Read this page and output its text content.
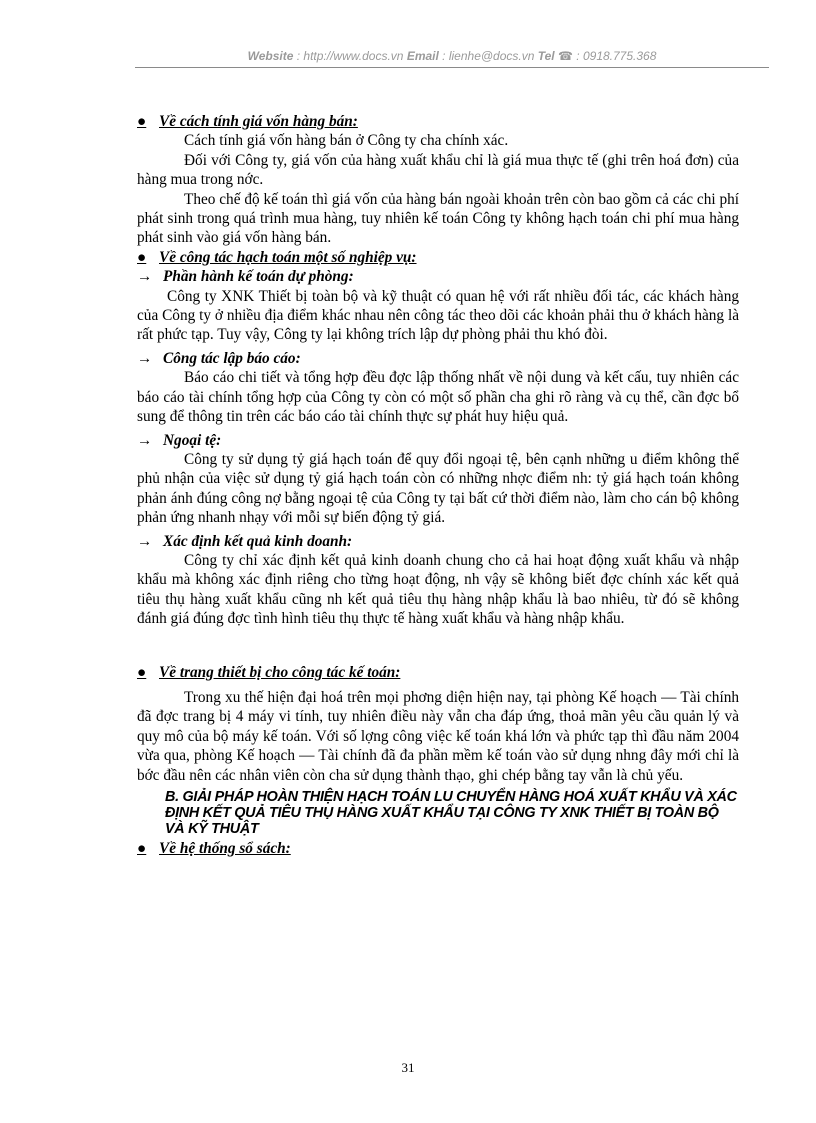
Website : http://www.docs.vn Email : lienhe@docs.vn Tel ☎ : 0918.775.368

● Về cách tính giá vốn hàng bán:

Cách tính giá vốn hàng bán ở Công ty cha chính xác.

Đối với Công ty, giá vốn của hàng xuất khẩu chỉ là giá mua thực tế (ghi trên hoá đơn) của hàng mua trong nớc.

Theo chế độ kế toán thì giá vốn của hàng bán ngoài khoản trên còn bao gồm cả các chi phí phát sinh trong quá trình mua hàng, tuy nhiên kế toán Công ty không hạch toán chi phí mua hàng phát sinh vào giá vốn hàng bán.

● Về công tác hạch toán một số nghiệp vụ:

→ Phần hành kế toán dự phòng:

Công ty XNK Thiết bị toàn bộ và kỹ thuật có quan hệ với rất nhiều đối tác, các khách hàng của Công ty ở nhiều địa điểm khác nhau nên công tác theo dõi các khoản phải thu ở khách hàng là rất phức tạp. Tuy vậy, Công ty lại không trích lập dự phòng phải thu khó đòi.

→ Công tác lập báo cáo:

Báo cáo chi tiết và tổng hợp đều đợc lập thống nhất về nội dung và kết cấu, tuy nhiên các báo cáo tài chính tổng hợp của Công ty còn có một số phần cha ghi rõ ràng và cụ thể, cần đợc bổ sung để thông tin trên các báo cáo tài chính thực sự phát huy hiệu quả.

→ Ngoại tệ:

Công ty sử dụng tỷ giá hạch toán để quy đổi ngoại tệ, bên cạnh những u điểm không thể phủ nhận của việc sử dụng tỷ giá hạch toán còn có những nhợc điểm nh: tỷ giá hạch toán không phản ánh đúng công nợ bằng ngoại tệ của Công ty tại bất cứ thời điểm nào, làm cho cán bộ không phản ứng nhanh nhạy với mỗi sự biến động tỷ giá.

→ Xác định kết quả kinh doanh:

Công ty chỉ xác định kết quả kinh doanh chung cho cả hai hoạt động xuất khẩu và nhập khẩu mà không xác định riêng cho từng hoạt động, nh vậy sẽ không biết đợc chính xác kết quả tiêu thụ hàng xuất khẩu cũng nh kết quả tiêu thụ hàng nhập khẩu là bao nhiêu, từ đó sẽ không đánh giá đúng đợc tình hình tiêu thụ thực tế hàng xuất khẩu và hàng nhập khẩu.

● Về trang thiết bị cho công tác kế toán:

Trong xu thế hiện đại hoá trên mọi phơng diện hiện nay, tại phòng Kế hoạch — Tài chính đã đợc trang bị 4 máy vi tính, tuy nhiên điều này vẫn cha đáp ứng, thoả mãn yêu cầu quản lý và quy mô của bộ máy kế toán. Với số lợng công việc kế toán khá lớn và phức tạp thì đầu năm 2004 vừa qua, phòng Kế hoạch — Tài chính đã đa phần mềm kế toán vào sử dụng nhng đây mới chỉ là bớc đầu nên các nhân viên còn cha sử dụng thành thạo, ghi chép bằng tay vẫn là chủ yếu.

B. GIẢI PHÁP HOÀN THIỆN HẠCH TOÁN LU CHUYỂN HÀNG HOÁ XUẤT KHẨU VÀ XÁC ĐỊNH KẾT QUẢ TIÊU THỤ HÀNG XUẤT KHẨU TẠI CÔNG TY XNK THIẾT BỊ TOÀN BỘ VÀ KỸ THUẬT

● Về hệ thống sổ sách:

31
